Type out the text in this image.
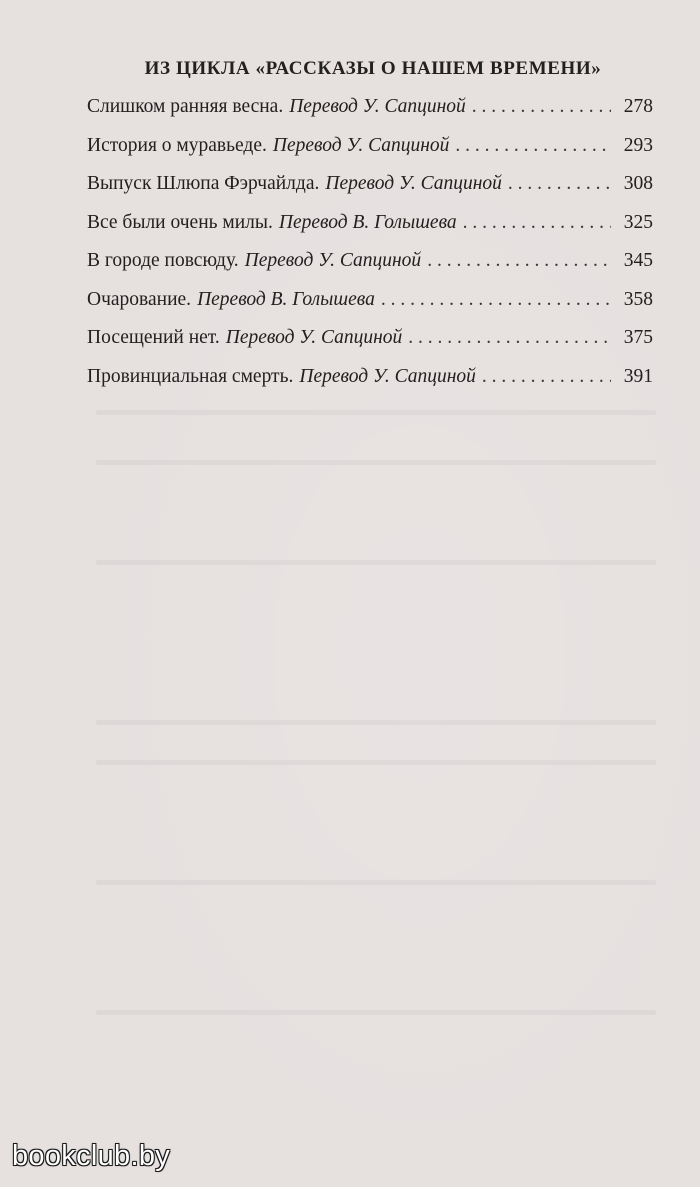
ИЗ ЦИКЛА «РАССКАЗЫ О НАШЕМ ВРЕМЕНИ»
Слишком ранняя весна. Перевод У. Сапциной . . .	278
История о муравьеде. Перевод У. Сапциной . . .	293
Выпуск Шлюпа Фэрчайлда. Перевод У. Сапциной . . .	308
Все были очень милы. Перевод В. Голышева . . .	325
В городе повсюду. Перевод У. Сапциной . . .	345
Очарование. Перевод В. Голышева . . .	358
Посещений нет. Перевод У. Сапциной . . .	375
Провинциальная смерть. Перевод У. Сапциной . . .	391
bookclub.by
